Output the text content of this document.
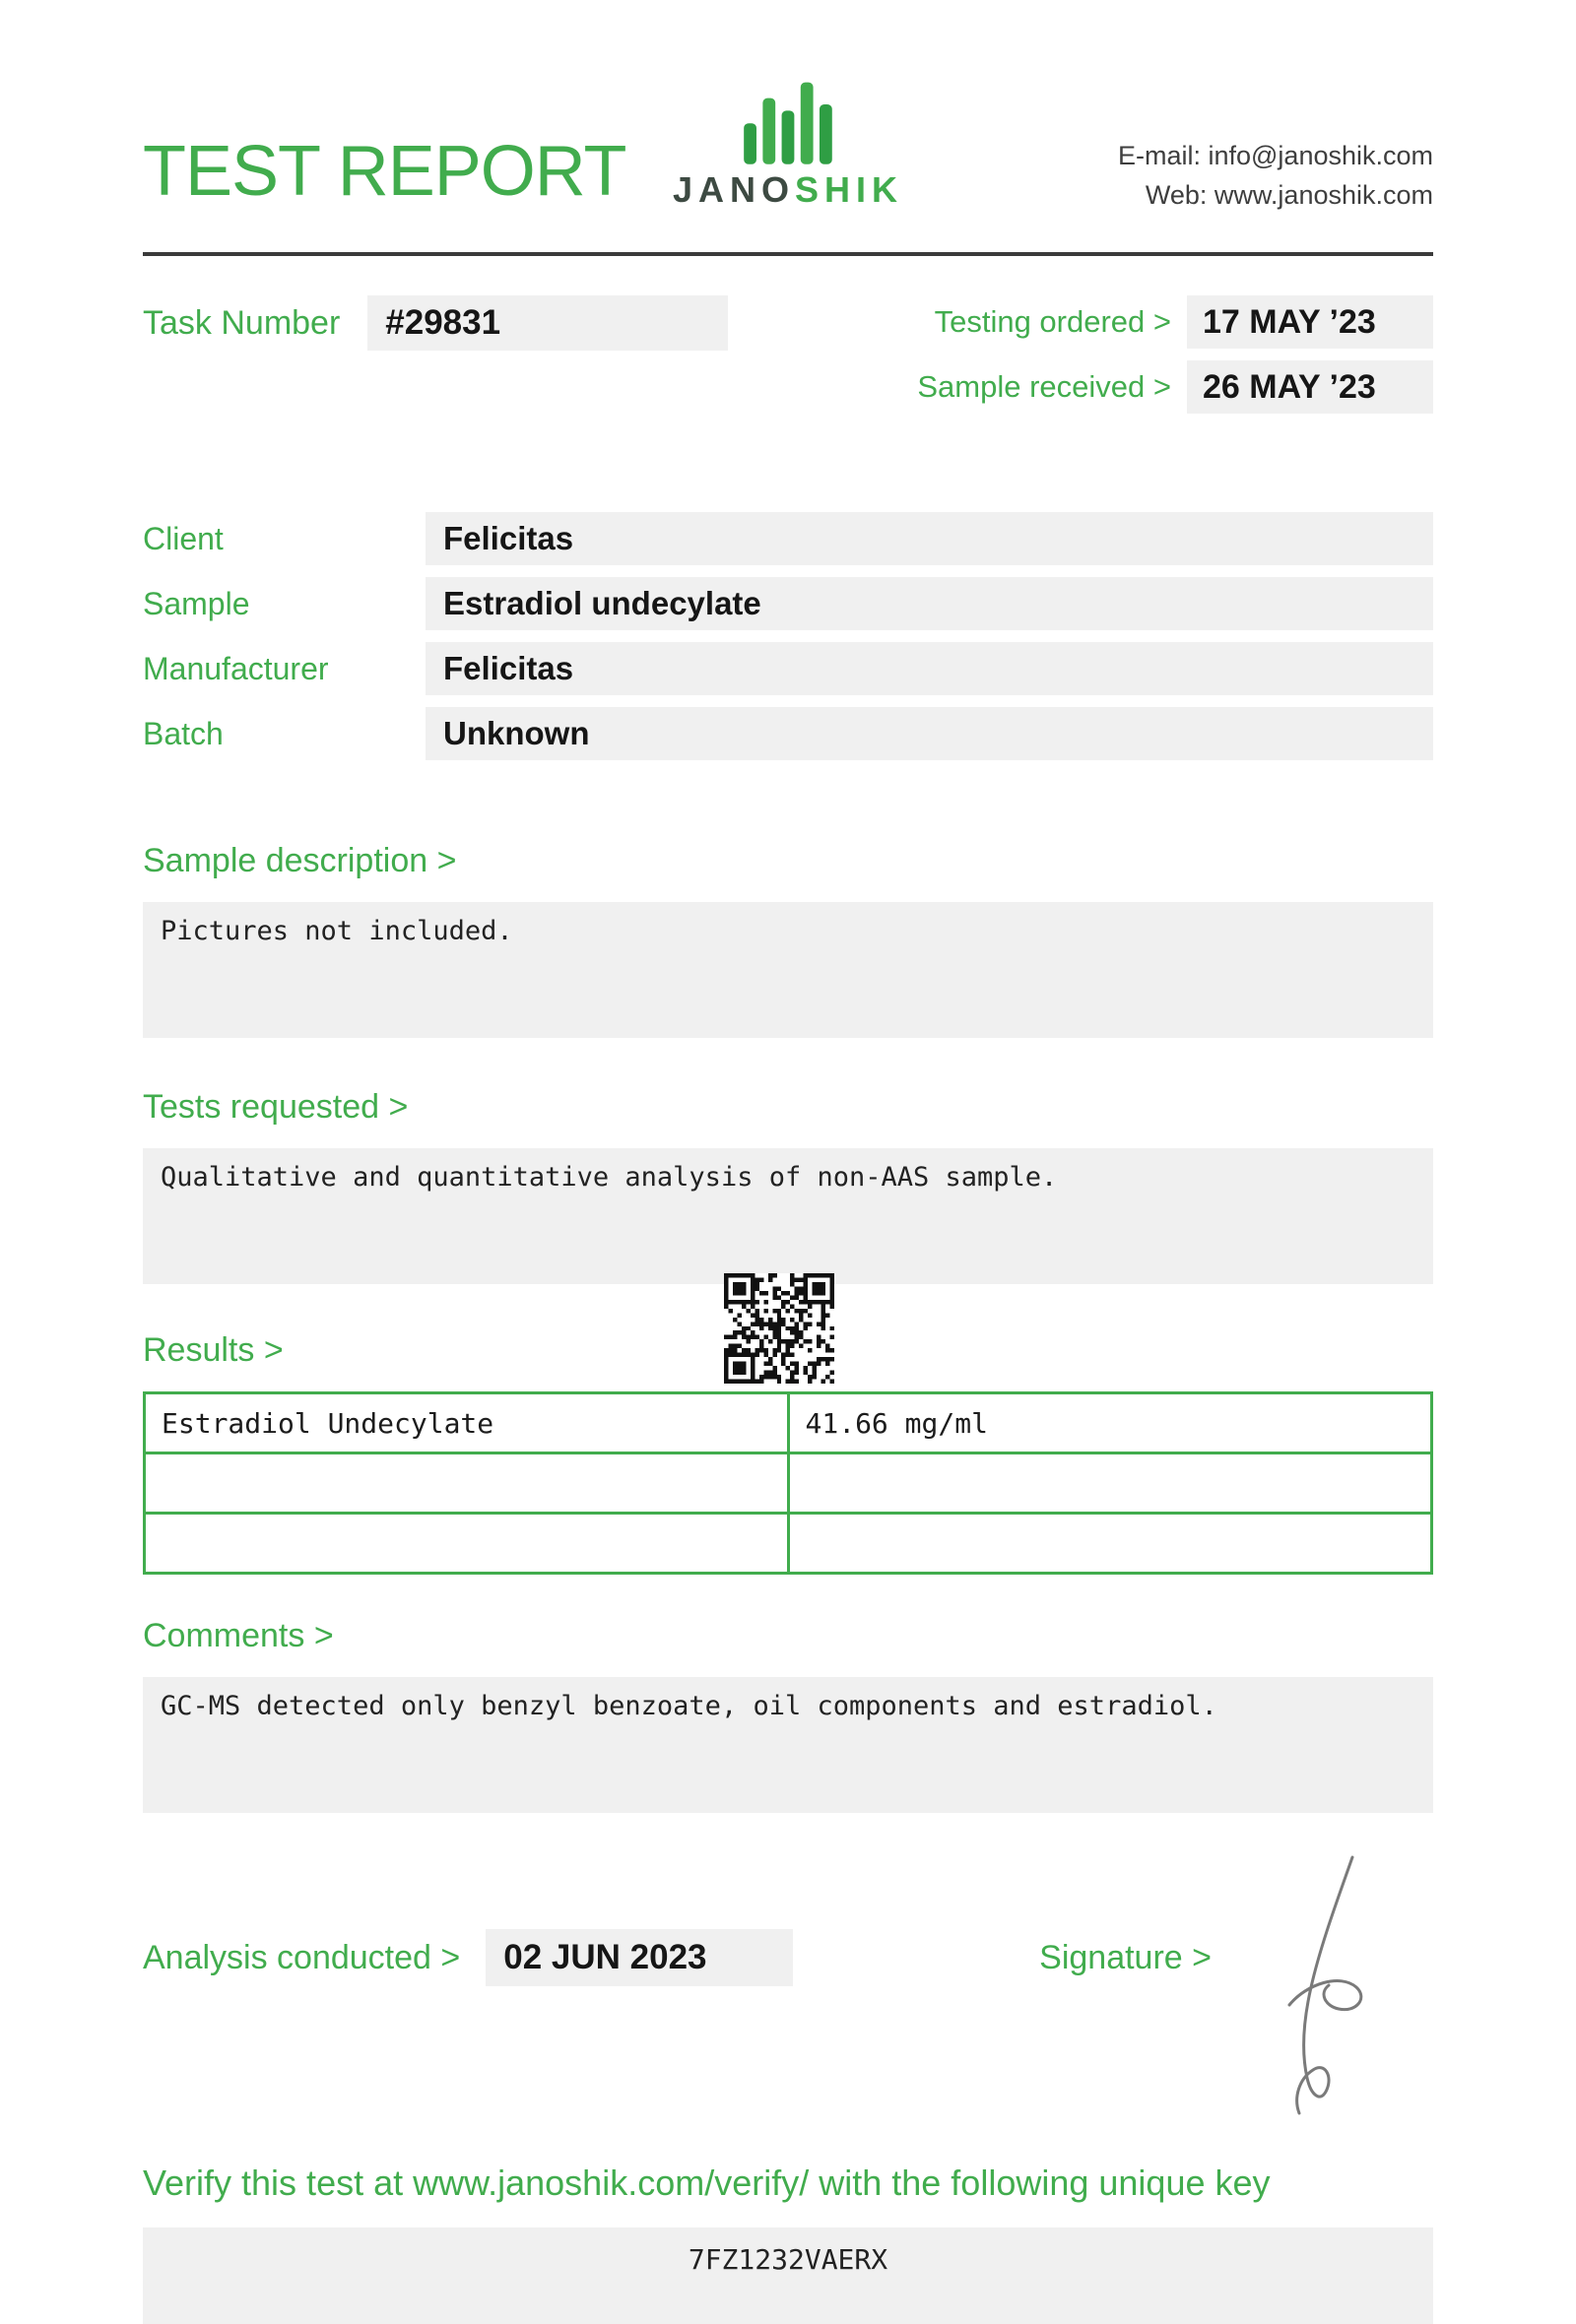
TEST REPORT JANOSHIK
E-mail: info@janoshik.com
Web: www.janoshik.com
Task Number	#29831	Testing ordered > 17 MAY ’23
Sample received > 26 MAY ’23
Client	Felicitas
Sample	Estradiol undecylate
Manufacturer	Felicitas
Batch	Unknown
Sample description >
Pictures not included.
Tests requested >
Qualitative and quantitative analysis of non-AAS sample.
Results >
Estradiol Undecylate	41.66 mg/ml

Comments >
GC-MS detected only benzyl benzoate, oil components and estradiol.
Analysis conducted >	02 JUN 2023	Signature >
Verify this test at www.janoshik.com/verify/ with the following unique key
7FZ1232VAERX
